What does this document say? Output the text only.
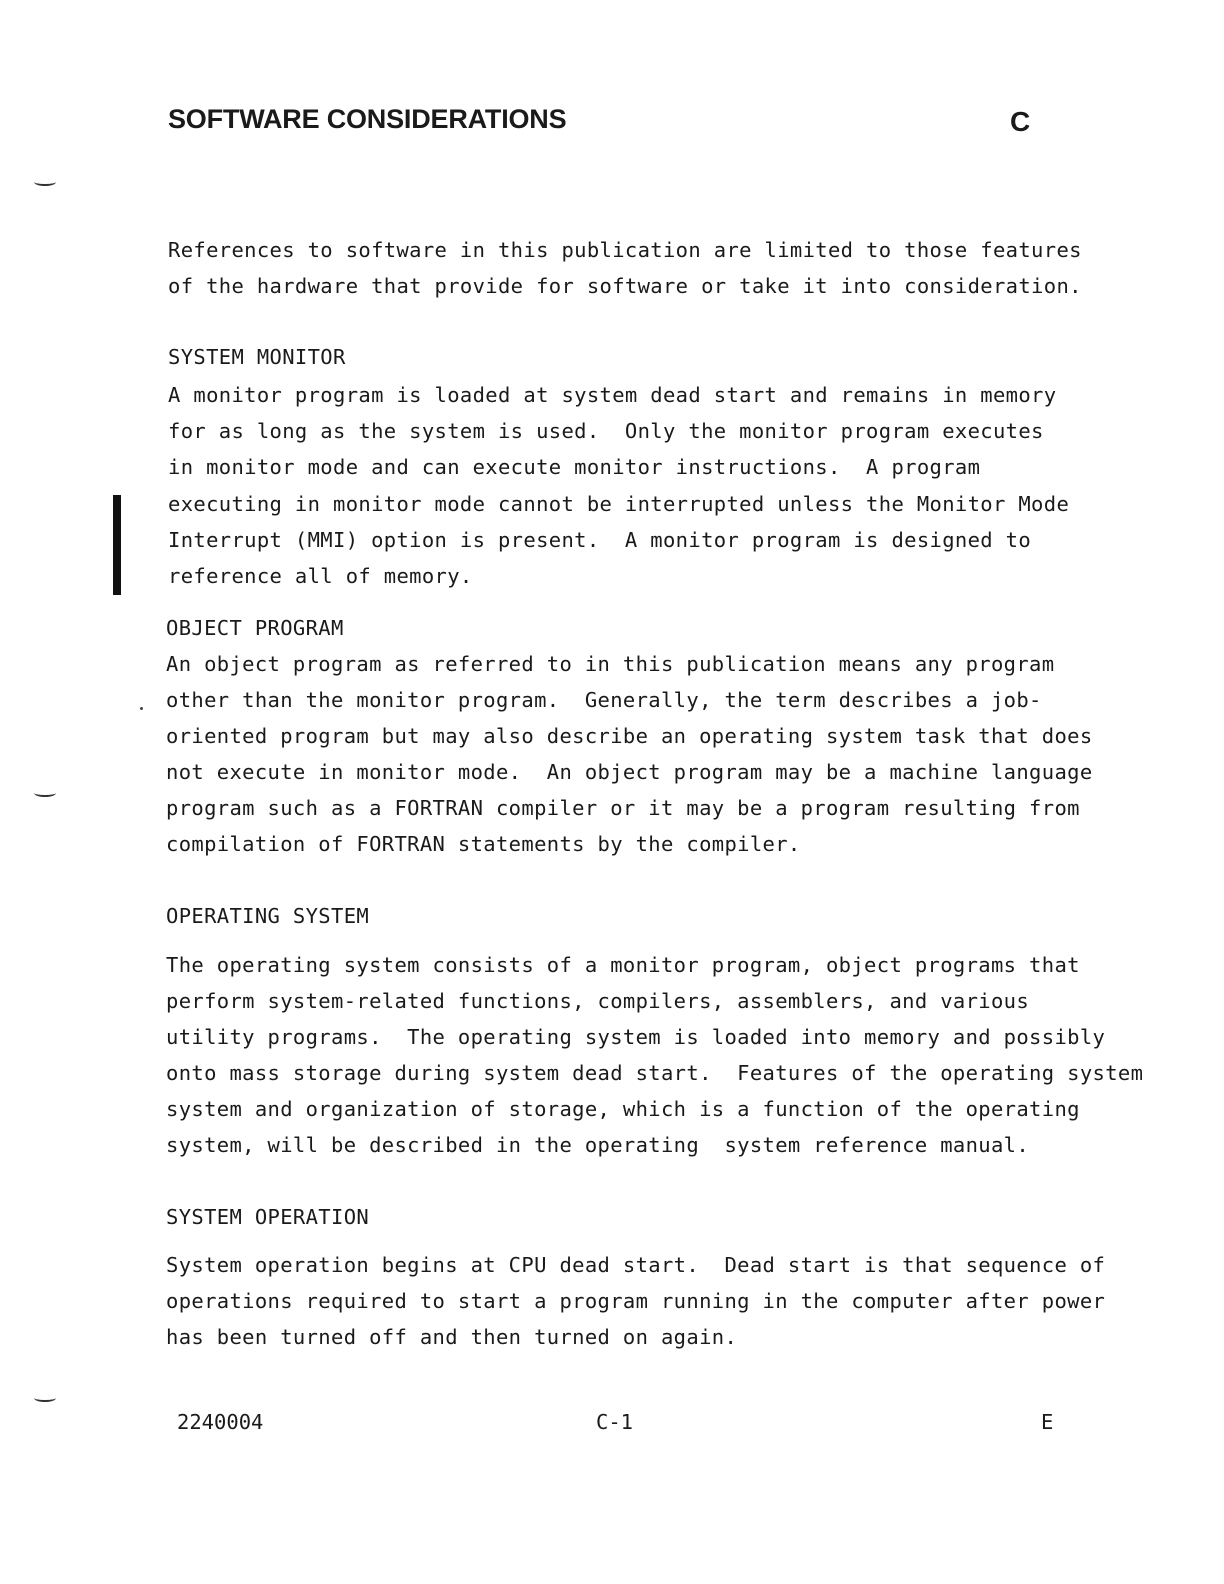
SOFTWARE CONSIDERATIONS	C

References to software in this publication are limited to those features

of the hardware that provide for software or take it into consideration.

SYSTEM MONITOR

A monitor program is loaded at system dead start and remains in memory

for as long as the system is used.  Only the monitor program executes

in monitor mode and can execute monitor instructions.  A program

executing in monitor mode cannot be interrupted unless the Monitor Mode

Interrupt (MMI) option is present.  A monitor program is designed to

reference all of memory.

OBJECT PROGRAM

An object program as referred to in this publication means any program

other than the monitor program.  Generally, the term describes a job-

oriented program but may also describe an operating system task that does

not execute in monitor mode.  An object program may be a machine language

program such as a FORTRAN compiler or it may be a program resulting from

compilation of FORTRAN statements by the compiler.

OPERATING SYSTEM

The operating system consists of a monitor program, object programs that

perform system-related functions, compilers, assemblers, and various

utility programs.  The operating system is loaded into memory and possibly

onto mass storage during system dead start.  Features of the operating system

system and organization of storage, which is a function of the operating

system, will be described in the operating  system reference manual.

SYSTEM OPERATION

System operation begins at CPU dead start.  Dead start is that sequence of

operations required to start a program running in the computer after power

has been turned off and then turned on again.

2240004	C-1	E
